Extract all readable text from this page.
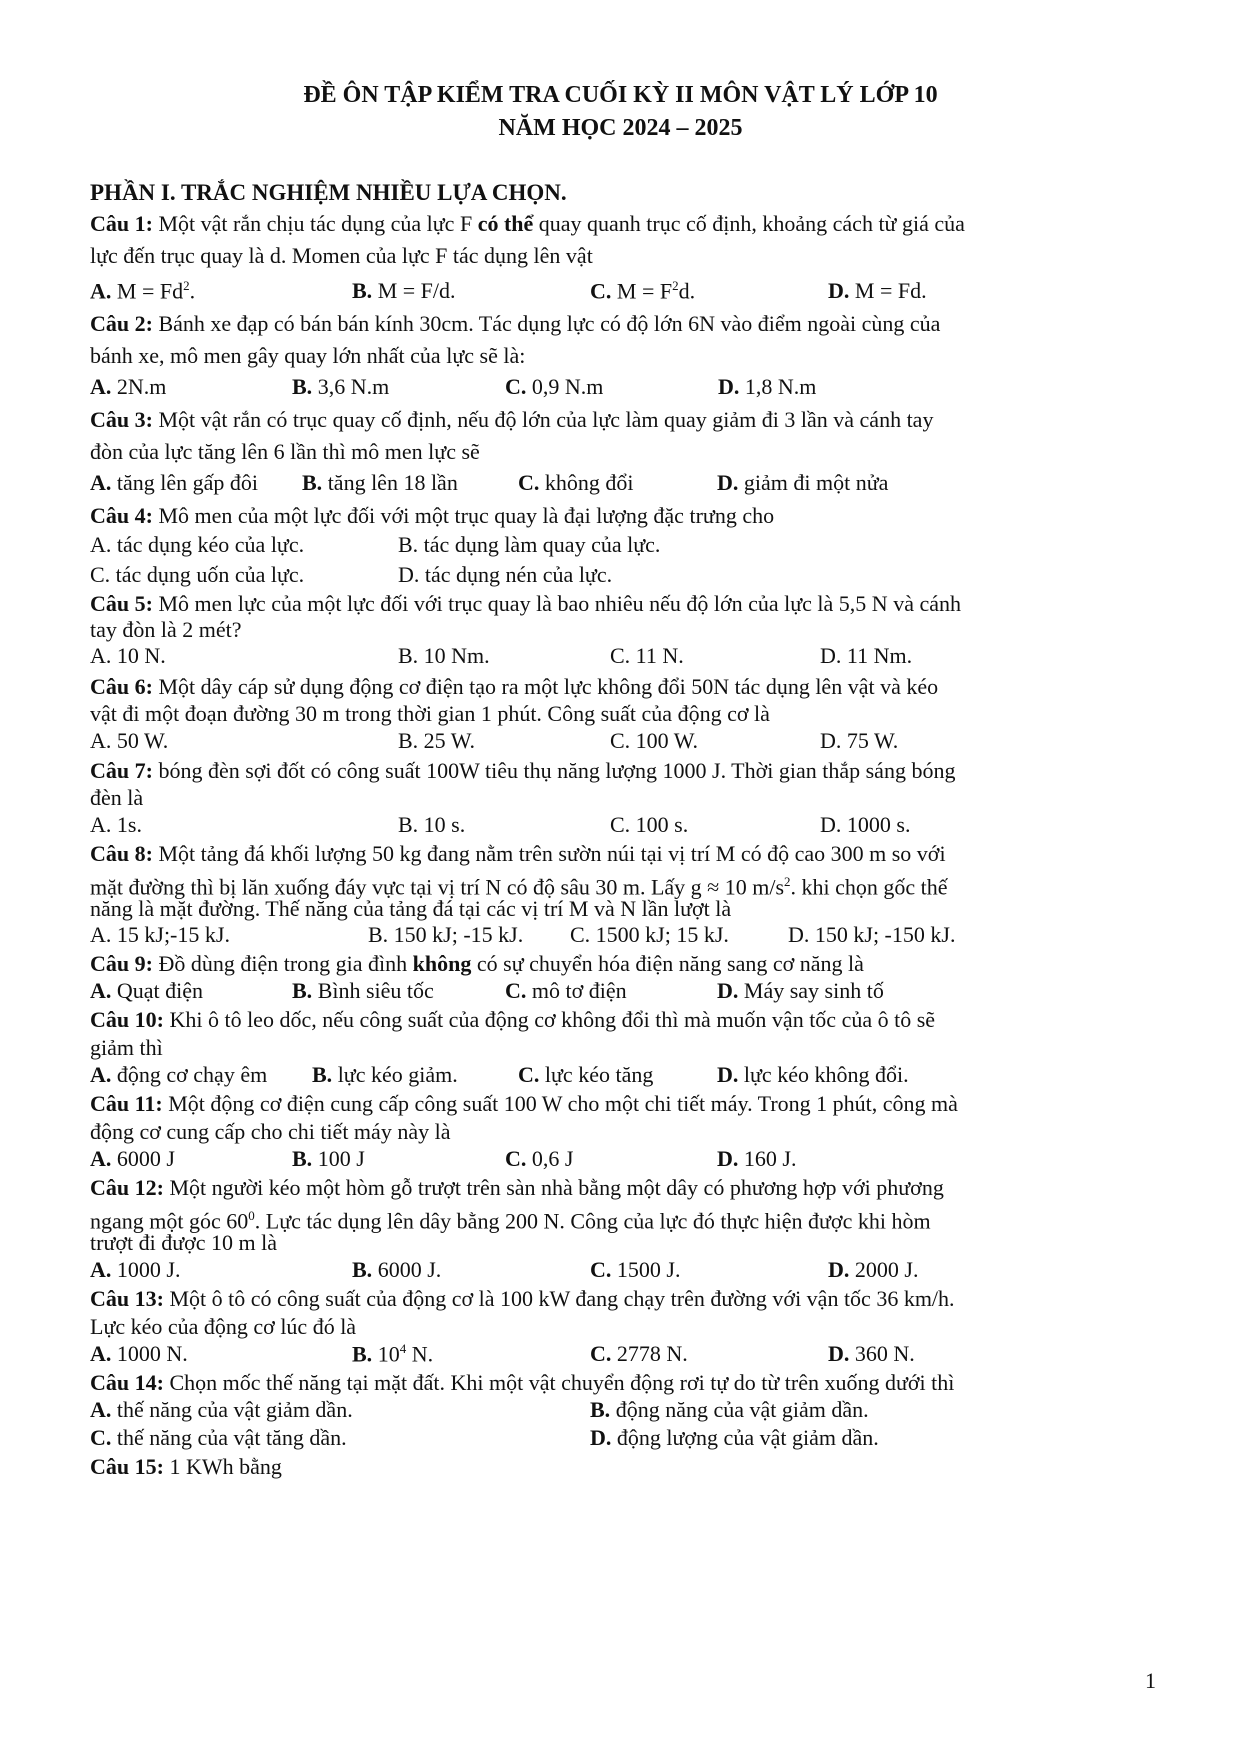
ĐỀ ÔN TẬP KIỂM TRA CUỐI KỲ II MÔN VẬT LÝ LỚP 10
NĂM HỌC 2024 – 2025
PHẦN I. TRẮC NGHIỆM NHIỀU LỰA CHỌN.
Câu 1: Một vật rắn chịu tác dụng của lực F có thể quay quanh trục cố định, khoảng cách từ giá của
lực đến trục quay là d. Momen của lực F tác dụng lên vật
A. $M = Fd^2$.	B. M = F/d.	C. $M = F^2d$.	D. M = Fd.
Câu 2: Bánh xe đạp có bán bán kính 30cm. Tác dụng lực có độ lớn 6N vào điểm ngoài cùng của
bánh xe, mô men gây quay lớn nhất của lực sẽ là:
A. 2N.m	B. 3,6 N.m	C. 0,9 N.m	D. 1,8 N.m
Câu 3: Một vật rắn có trục quay cố định, nếu độ lớn của lực làm quay giảm đi 3 lần và cánh tay
đòn của lực tăng lên 6 lần thì mô men lực sẽ
A. tăng lên gấp đôi B. tăng lên 18 lần	C. không đổi	D. giảm đi một nửa
Câu 4: Mô men của một lực đối với một trục quay là đại lượng đặc trưng cho
A. tác dụng kéo của lực.	B. tác dụng làm quay của lực.
C. tác dụng uốn của lực.	D. tác dụng nén của lực.
Câu 5: Mô men lực của một lực đối với trục quay là bao nhiêu nếu độ lớn của lực là 5,5 N và cánh
tay đòn là 2 mét?
A. 10 N.	B. 10 Nm.	C. 11 N.	D. 11 Nm.
Câu 6: Một dây cáp sử dụng động cơ điện tạo ra một lực không đổi 50N tác dụng lên vật và kéo
vật đi một đoạn đường 30 m trong thời gian 1 phút. Công suất của động cơ là
A. 50 W.	B. 25 W.	C. 100 W.	D. 75 W.
Câu 7: bóng đèn sợi đốt có công suất 100W tiêu thụ năng lượng 1000 J. Thời gian thắp sáng bóng
đèn là
A. 1s.	B. 10 s.	C. 100 s.	D. 1000 s.
Câu 8: Một tảng đá khối lượng 50 kg đang nằm trên sườn núi tại vị trí M có độ cao 300 m so với
mặt đường thì bị lăn xuống đáy vực tại vị trí N có độ sâu 30 m. Lấy g ≈ 10 $m/s^2$. khi chọn gốc thế
năng là mặt đường. Thế năng của tảng đá tại các vị trí M và N lần lượt là
A. 15 kJ;-15 kJ.	B. 150 kJ; -15 kJ. C. 1500 kJ; 15 kJ.	D. 150 kJ; -150 kJ.
Câu 9: Đồ dùng điện trong gia đình không có sự chuyển hóa điện năng sang cơ năng là
A. Quạt điện	B. Bình siêu tốc	C. mô tơ điện	D. Máy say sinh tố
Câu 10: Khi ô tô leo dốc, nếu công suất của động cơ không đổi thì mà muốn vận tốc của ô tô sẽ
giảm thì
A. động cơ chạy êm B. lực kéo giảm.	C. lực kéo tăng	D. lực kéo không đổi.
Câu 11: Một động cơ điện cung cấp công suất 100 W cho một chi tiết máy. Trong 1 phút, công mà
động cơ cung cấp cho chi tiết máy này là
A. 6000 J	B. 100 J	C. 0,6 J	D. 160 J.
Câu 12: Một người kéo một hòm gỗ trượt trên sàn nhà bằng một dây có phương hợp với phương
ngang một góc $60^0$. Lực tác dụng lên dây bằng 200 N. Công của lực đó thực hiện được khi hòm
trượt đi được 10 m là
A. 1000 J.	B. 6000 J.	C. 1500 J.	D. 2000 J.
Câu 13: Một ô tô có công suất của động cơ là 100 kW đang chạy trên đường với vận tốc 36 km/h.
Lực kéo của động cơ lúc đó là
A. 1000 N.	B. $10^4$ N.	C. 2778 N.	D. 360 N.
Câu 14: Chọn mốc thế năng tại mặt đất. Khi một vật chuyển động rơi tự do từ trên xuống dưới thì
A. thế năng của vật giảm dần.	B. động năng của vật giảm dần.
C. thế năng của vật tăng dần.	D. động lượng của vật giảm dần.
Câu 15: 1 KWh bằng
1
